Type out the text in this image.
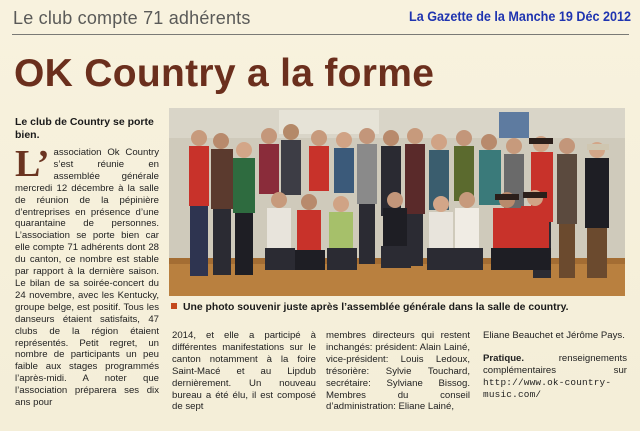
Le club compte 71 adhérents	La Gazette de la Manche 19 Déc 2012
OK Country a la forme
Le club de Country se porte bien.
L’ association Ok Country s’est réunie en assemblée générale mercredi 12 décembre à la salle de réunion de la pépinière d’entreprises en présence d’une quarantaine de personnes. L’association se porte bien car elle compte 71 adhérents dont 28 du canton, ce nombre est stable par rapport à la dernière saison. Le bilan de sa soirée-concert du 24 novembre, avec les Kentucky, groupe belge, est positif. Tous les danseurs étaient satisfaits, 47 clubs de la région étaient représentés. Petit regret, un nombre de participants un peu faible aux stages programmés l’après-midi. A noter que l’association préparera ses dix ans pour
Une photo souvenir juste après l’assemblée générale dans la salle de country.
2014, et elle a participé à différentes manifestations sur le canton notamment à la foire Saint-Macé et au Lipdub dernièrement. Un nouveau bureau a été élu, il est composé de sept
membres directeurs qui restent inchangés: président: Alain Lainé, vice-président: Louis Ledoux, trésorière: Sylvie Touchard, secrétaire: Sylviane Bissog. Membres du conseil d’administration: Eliane Lainé,
Eliane Beauchet et Jérôme Pays.
Pratique. renseignements complémentaires sur http://www.ok-country-music.com/
